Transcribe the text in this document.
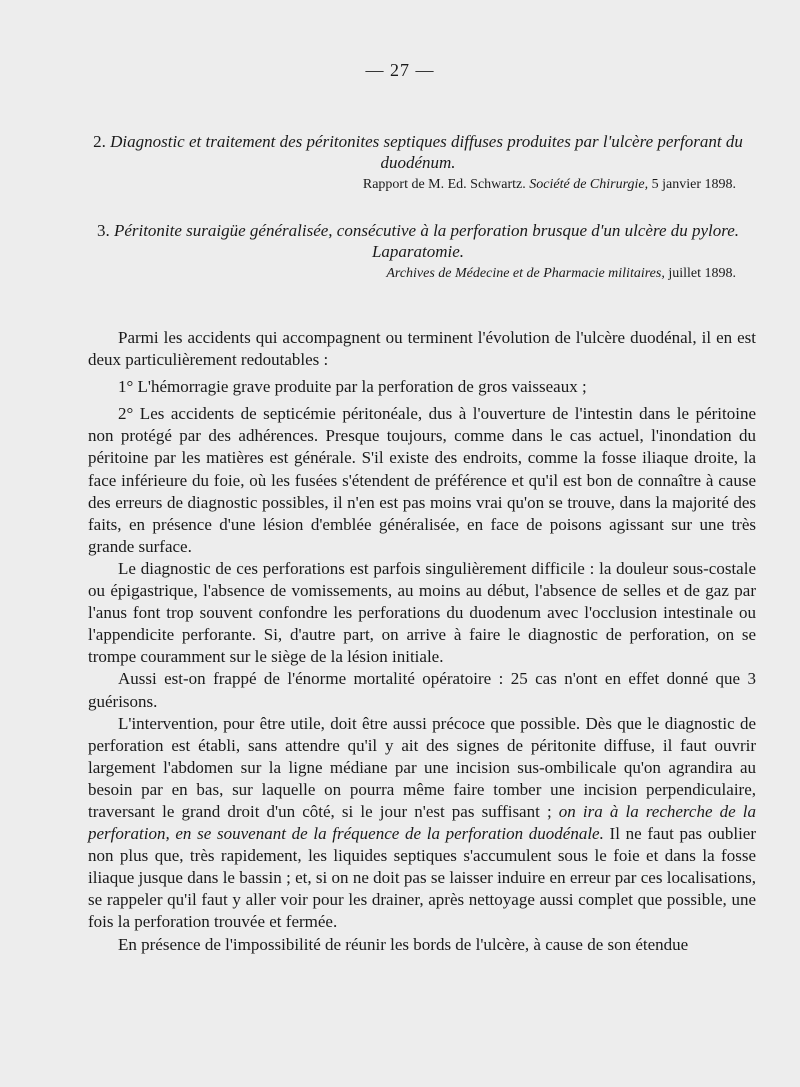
— 27 —
2. Diagnostic et traitement des péritonites septiques diffuses produites par l'ulcère perforant du duodénum.
Rapport de M. Ed. Schwartz. Société de Chirurgie, 5 janvier 1898.
3. Péritonite suraigüe généralisée, consécutive à la perforation brusque d'un ulcère du pylore. Laparatomie.
Archives de Médecine et de Pharmacie militaires, juillet 1898.

Parmi les accidents qui accompagnent ou terminent l'évolution de l'ulcère duodénal, il en est deux particulièrement redoutables :

1° L'hémorragie grave produite par la perforation de gros vaisseaux ;

2° Les accidents de septicémie péritonéale, dus à l'ouverture de l'intestin dans le péritoine non protégé par des adhérences. Presque toujours, comme dans le cas actuel, l'inondation du péritoine par les matières est générale. S'il existe des endroits, comme la fosse iliaque droite, la face inférieure du foie, où les fusées s'étendent de préférence et qu'il est bon de connaître à cause des erreurs de diagnostic possibles, il n'en est pas moins vrai qu'on se trouve, dans la majorité des faits, en présence d'une lésion d'emblée généralisée, en face de poisons agissant sur une très grande surface.

Le diagnostic de ces perforations est parfois singulièrement difficile : la douleur sous-costale ou épigastrique, l'absence de vomissements, au moins au début, l'absence de selles et de gaz par l'anus font trop souvent confondre les perforations du duodenum avec l'occlusion intestinale ou l'appendicite perforante. Si, d'autre part, on arrive à faire le diagnostic de perforation, on se trompe couramment sur le siège de la lésion initiale.

Aussi est-on frappé de l'énorme mortalité opératoire : 25 cas n'ont en effet donné que 3 guérisons.

L'intervention, pour être utile, doit être aussi précoce que possible. Dès que le diagnostic de perforation est établi, sans attendre qu'il y ait des signes de péritonite diffuse, il faut ouvrir largement l'abdomen sur la ligne médiane par une incision sus-ombilicale qu'on agrandira au besoin par en bas, sur laquelle on pourra même faire tomber une incision perpendiculaire, traversant le grand droit d'un côté, si le jour n'est pas suffisant ; on ira à la recherche de la perforation, en se souvenant de la fréquence de la perforation duodénale. Il ne faut pas oublier non plus que, très rapidement, les liquides septiques s'accumulent sous le foie et dans la fosse iliaque jusque dans le bassin ; et, si on ne doit pas se laisser induire en erreur par ces localisations, se rappeler qu'il faut y aller voir pour les drainer, après nettoyage aussi complet que possible, une fois la perforation trouvée et fermée.

En présence de l'impossibilité de réunir les bords de l'ulcère, à cause de son étendue
